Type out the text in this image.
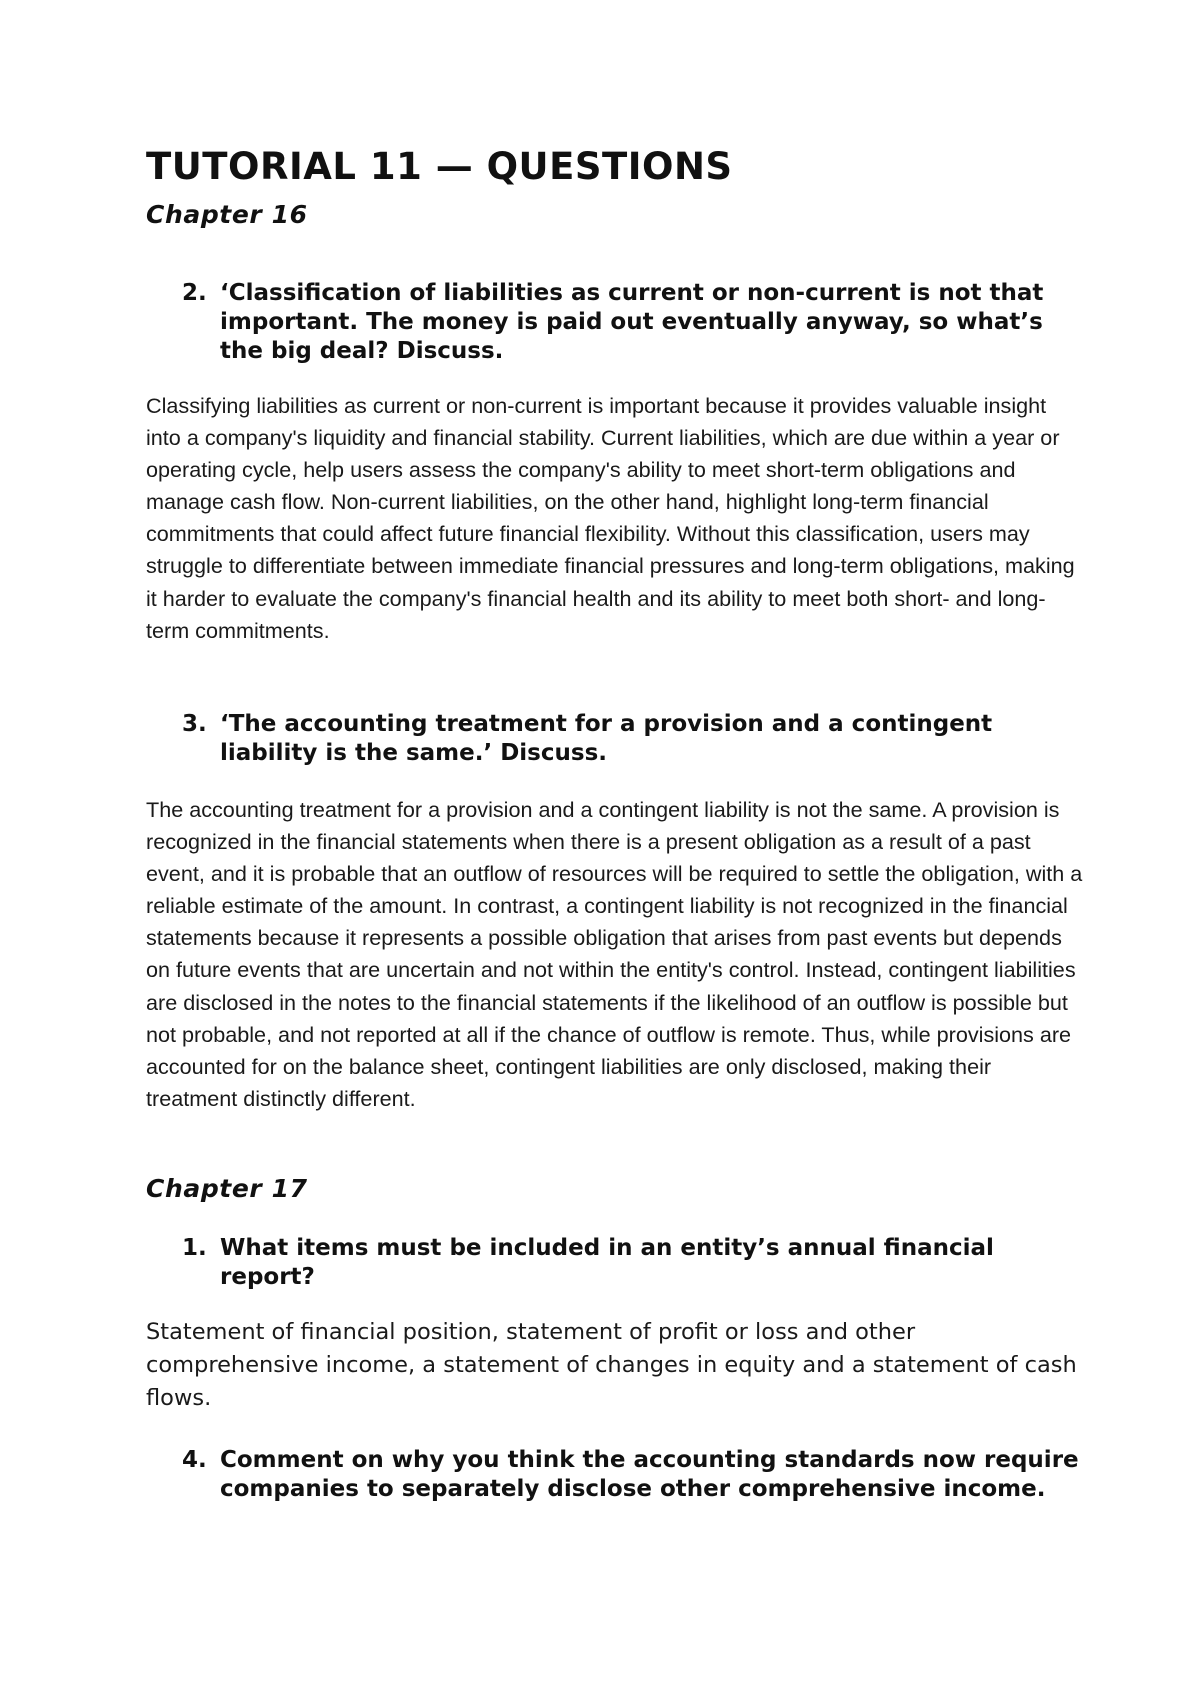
TUTORIAL 11 — QUESTIONS
Chapter 16
2. ‘Classification of liabilities as current or non-current is not that important. The money is paid out eventually anyway, so what’s the big deal? Discuss.

Classifying liabilities as current or non-current is important because it provides valuable insight into a company's liquidity and financial stability. Current liabilities, which are due within a year or operating cycle, help users assess the company's ability to meet short-term obligations and manage cash flow. Non-current liabilities, on the other hand, highlight long-term financial commitments that could affect future financial flexibility. Without this classification, users may struggle to differentiate between immediate financial pressures and long-term obligations, making it harder to evaluate the company's financial health and its ability to meet both short- and long-term commitments.

3. ‘The accounting treatment for a provision and a contingent liability is the same.’ Discuss.

The accounting treatment for a provision and a contingent liability is not the same. A provision is recognized in the financial statements when there is a present obligation as a result of a past event, and it is probable that an outflow of resources will be required to settle the obligation, with a reliable estimate of the amount. In contrast, a contingent liability is not recognized in the financial statements because it represents a possible obligation that arises from past events but depends on future events that are uncertain and not within the entity's control. Instead, contingent liabilities are disclosed in the notes to the financial statements if the likelihood of an outflow is possible but not probable, and not reported at all if the chance of outflow is remote. Thus, while provisions are accounted for on the balance sheet, contingent liabilities are only disclosed, making their treatment distinctly different.

Chapter 17
1. What items must be included in an entity’s annual financial report?

Statement of financial position, statement of profit or loss and other comprehensive income, a statement of changes in equity and a statement of cash flows.

4. Comment on why you think the accounting standards now require companies to separately disclose other comprehensive income.
